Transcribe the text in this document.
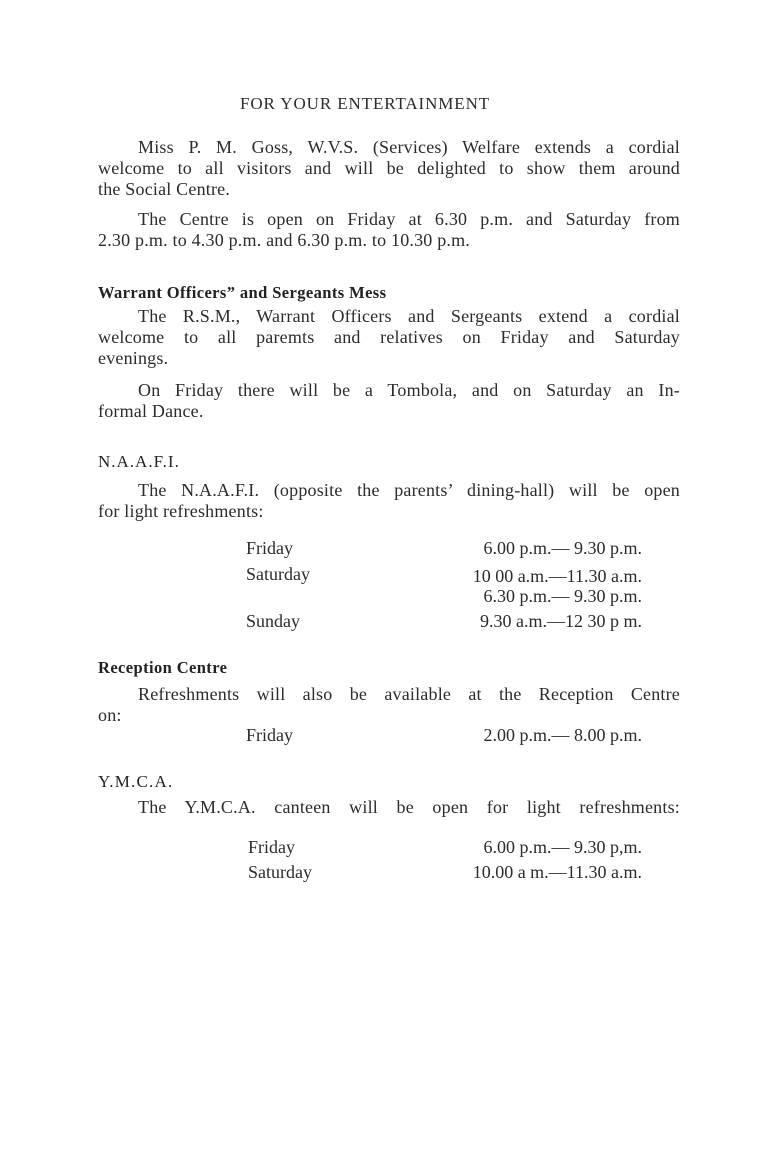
FOR YOUR ENTERTAINMENT
Miss P. M. Goss, W.V.S. (Services) Welfare extends a cordial
welcome to all visitors and will be delighted to show them around
the Social Centre.
The Centre is open on Friday at 6.30 p.m. and Saturday from
2.30 p.m. to 4.30 p.m. and 6.30 p.m. to 10.30 p.m.
Warrant Officers” and Sergeants Mess
The R.S.M., Warrant Officers and Sergeants extend a cordial
welcome to all paremts and relatives on Friday and Saturday
evenings.
On Friday there will be a Tombola, and on Saturday an In-
formal Dance.
N.A.A.F.I.
The N.A.A.F.I. (opposite the parents’ dining-hall) will be open
for light refreshments:
Friday	6.00 p.m.— 9.30 p.m.
Saturday	10 00 a.m.—11.30 a.m.
6.30 p.m.— 9.30 p.m.
Sunday	9.30 a.m.—12 30 p m.
Reception Centre
Refreshments will also be available at the Reception Centre
on:
Friday	2.00 p.m.— 8.00 p.m.
Y.M.C.A.
The Y.M.C.A. canteen will be open for light refreshments:
Friday	6.00 p.m.— 9.30 p,m.
Saturday	10.00 a m.—11.30 a.m.
